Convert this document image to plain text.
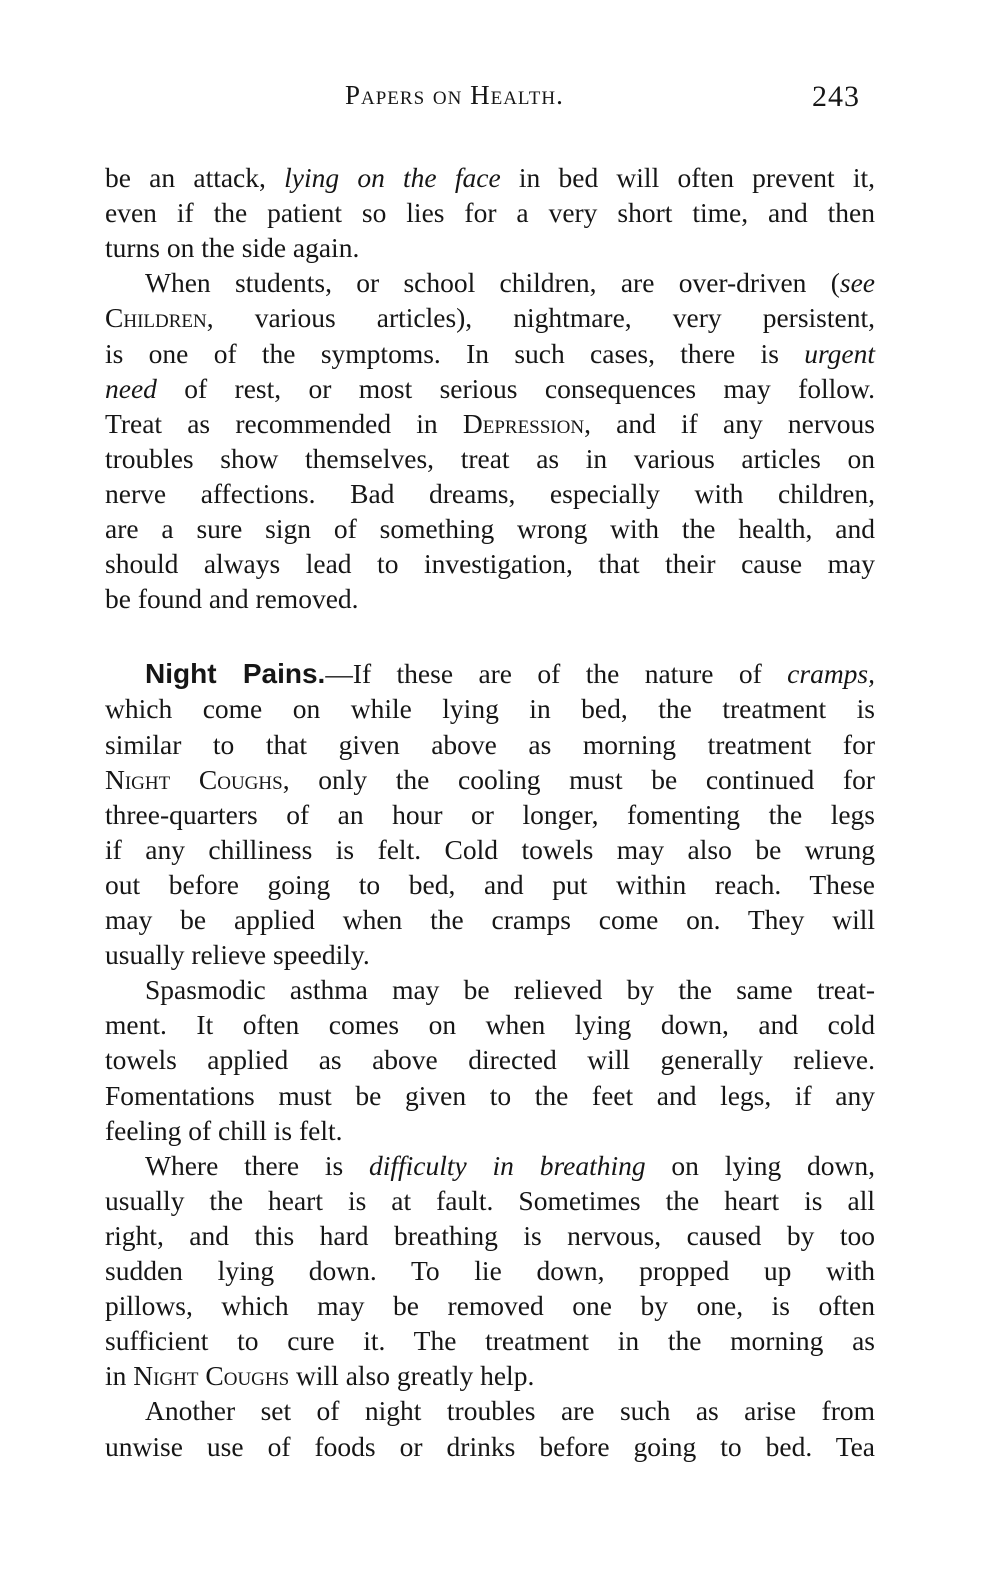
Papers on Health.	243
be an attack, lying on the face in bed will often prevent it,
even if the patient so lies for a very short time, and then
turns on the side again.
When students, or school children, are over-driven (see
Children, various articles), nightmare, very persistent,
is one of the symptoms. In such cases, there is urgent
need of rest, or most serious consequences may follow.
Treat as recommended in Depression, and if any nervous
troubles show themselves, treat as in various articles on
nerve affections. Bad dreams, especially with children,
are a sure sign of something wrong with the health, and
should always lead to investigation, that their cause may
be found and removed.
Night Pains.—If these are of the nature of cramps,
which come on while lying in bed, the treatment is
similar to that given above as morning treatment for
Night Coughs, only the cooling must be continued for
three-quarters of an hour or longer, fomenting the legs
if any chilliness is felt. Cold towels may also be wrung
out before going to bed, and put within reach. These
may be applied when the cramps come on. They will
usually relieve speedily.
Spasmodic asthma may be relieved by the same treat-
ment. It often comes on when lying down, and cold
towels applied as above directed will generally relieve.
Fomentations must be given to the feet and legs, if any
feeling of chill is felt.
Where there is difficulty in breathing on lying down,
usually the heart is at fault. Sometimes the heart is all
right, and this hard breathing is nervous, caused by too
sudden lying down. To lie down, propped up with
pillows, which may be removed one by one, is often
sufficient to cure it. The treatment in the morning as
in Night Coughs will also greatly help.
Another set of night troubles are such as arise from
unwise use of foods or drinks before going to bed. Tea
